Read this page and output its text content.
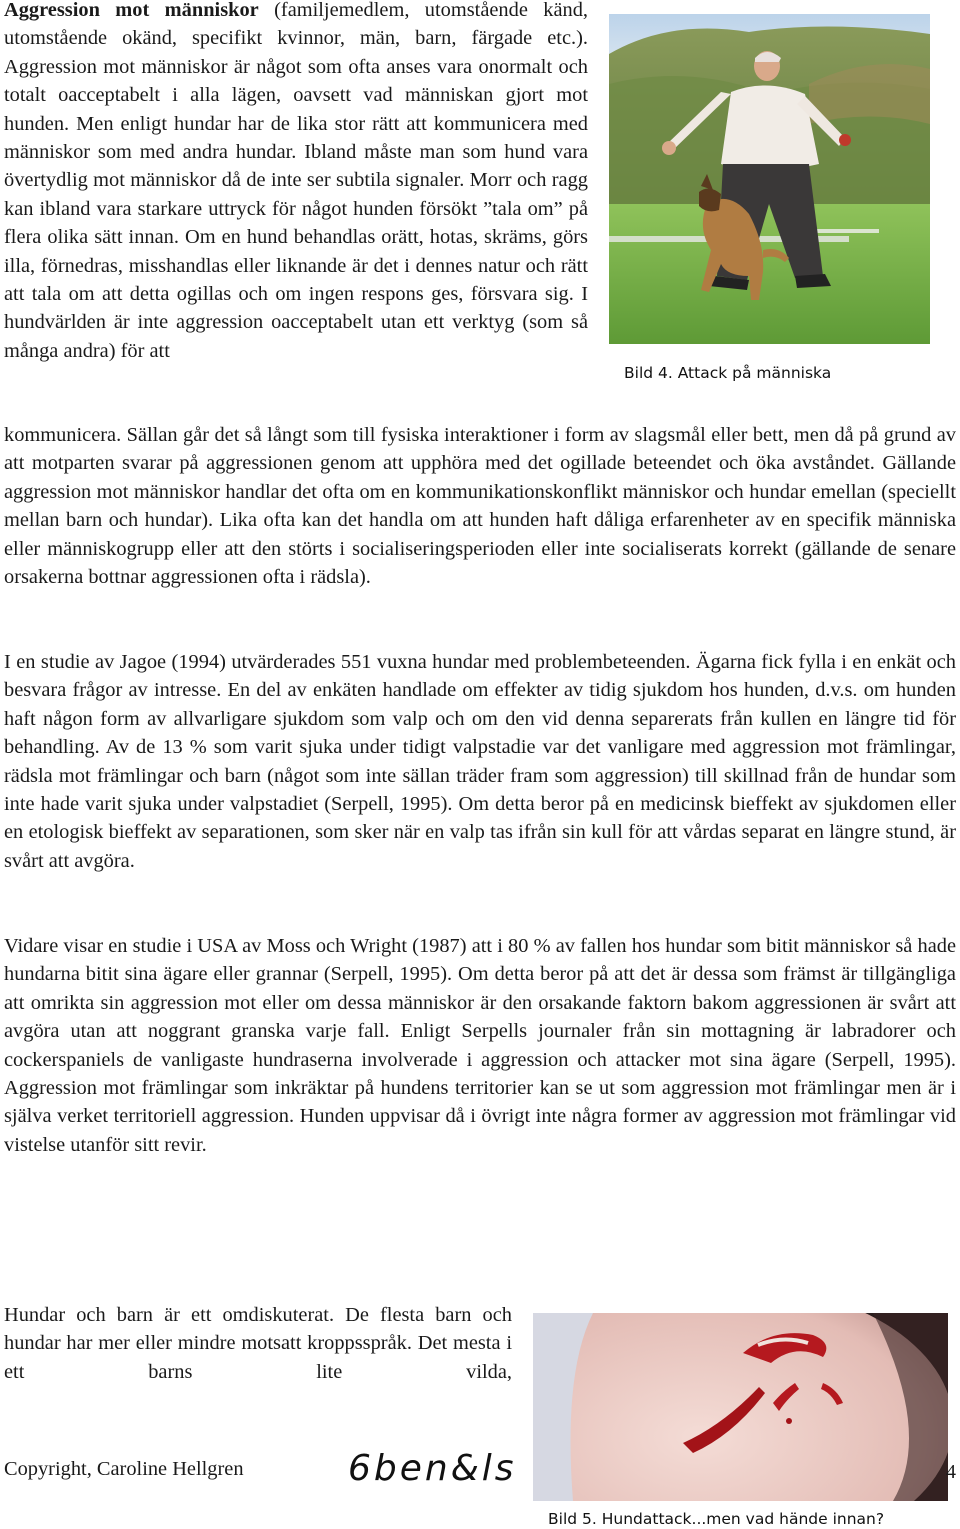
Aggression mot människor (familjemedlem, utomstående känd, utomstående okänd, specifikt kvinnor, män, barn, färgade etc.). Aggression mot människor är något som ofta anses vara onormalt och totalt oacceptabelt i alla lägen, oavsett vad människan gjort mot hunden. Men enligt hundar har de lika stor rätt att kommunicera med människor som med andra hundar. Ibland måste man som hund vara övertydlig mot människor då de inte ser subtila signaler. Morr och ragg kan ibland vara starkare uttryck för något hunden försökt ”tala om” på flera olika sätt innan. Om en hund behandlas orätt, hotas, skräms, görs illa, förnedras, misshandlas eller liknande är det i dennes natur och rätt att tala om att detta ogillas och om ingen respons ges, försvara sig. I hundvärlden är inte aggression oacceptabelt utan ett verktyg (som så många andra) för att

kommunicera. Sällan går det så långt som till fysiska interaktioner i form av slagsmål eller bett, men då på grund av att motparten svarar på aggressionen genom att upphöra med det ogillade beteendet och öka avståndet. Gällande aggression mot människor handlar det ofta om en kommunikationskonflikt människor och hundar emellan (speciellt mellan barn och hundar). Lika ofta kan det handla om att hunden haft dåliga erfarenheter av en specifik människa eller människogrupp eller att den störts i socialiseringsperioden eller inte socialiserats korrekt (gällande de senare orsakerna bottnar aggressionen ofta i rädsla).

Bild 4. Attack på människa

I en studie av Jagoe (1994) utvärderades 551 vuxna hundar med problembeteenden. Ägarna fick fylla i en enkät och besvara frågor av intresse. En del av enkäten handlade om effekter av tidig sjukdom hos hunden, d.v.s. om hunden haft någon form av allvarligare sjukdom som valp och om den vid denna separerats från kullen en längre tid för behandling. Av de 13 % som varit sjuka under tidigt valpstadie var det vanligare med aggression mot främlingar, rädsla mot främlingar och barn (något som inte sällan träder fram som aggression) till skillnad från de hundar som inte hade varit sjuka under valpstadiet (Serpell, 1995). Om detta beror på en medicinsk bieffekt av sjukdomen eller en etologisk bieffekt av separationen, som sker när en valp tas ifrån sin kull för att vårdas separat en längre stund, är svårt att avgöra.

Vidare visar en studie i USA av Moss och Wright (1987) att i 80 % av fallen hos hundar som bitit människor så hade hundarna bitit sina ägare eller grannar (Serpell, 1995). Om detta beror på att det är dessa som främst är tillgängliga att omrikta sin aggression mot eller om dessa människor är den orsakande faktorn bakom aggressionen är svårt att avgöra utan att noggrant granska varje fall. Enligt Serpells journaler från sin mottagning är labradorer och cockerspaniels de vanligaste hundraserna involverade i aggression och attacker mot sina ägare (Serpell, 1995). Aggression mot främlingar som inkräktar på hundens territorier kan se ut som aggression mot främlingar men är i själva verket territoriell aggression. Hunden uppvisar då i övrigt inte några former av aggression mot främlingar vid vistelse utanför sitt revir.

Hundar och barn är ett omdiskuterat. De flesta barn och hundar har mer eller mindre motsatt kroppsspråk. Det mesta i ett barns lite vilda,

Bild 5. Hundattack...men vad hände innan?
Copyright, Caroline Hellgren	6ben&ls	4
